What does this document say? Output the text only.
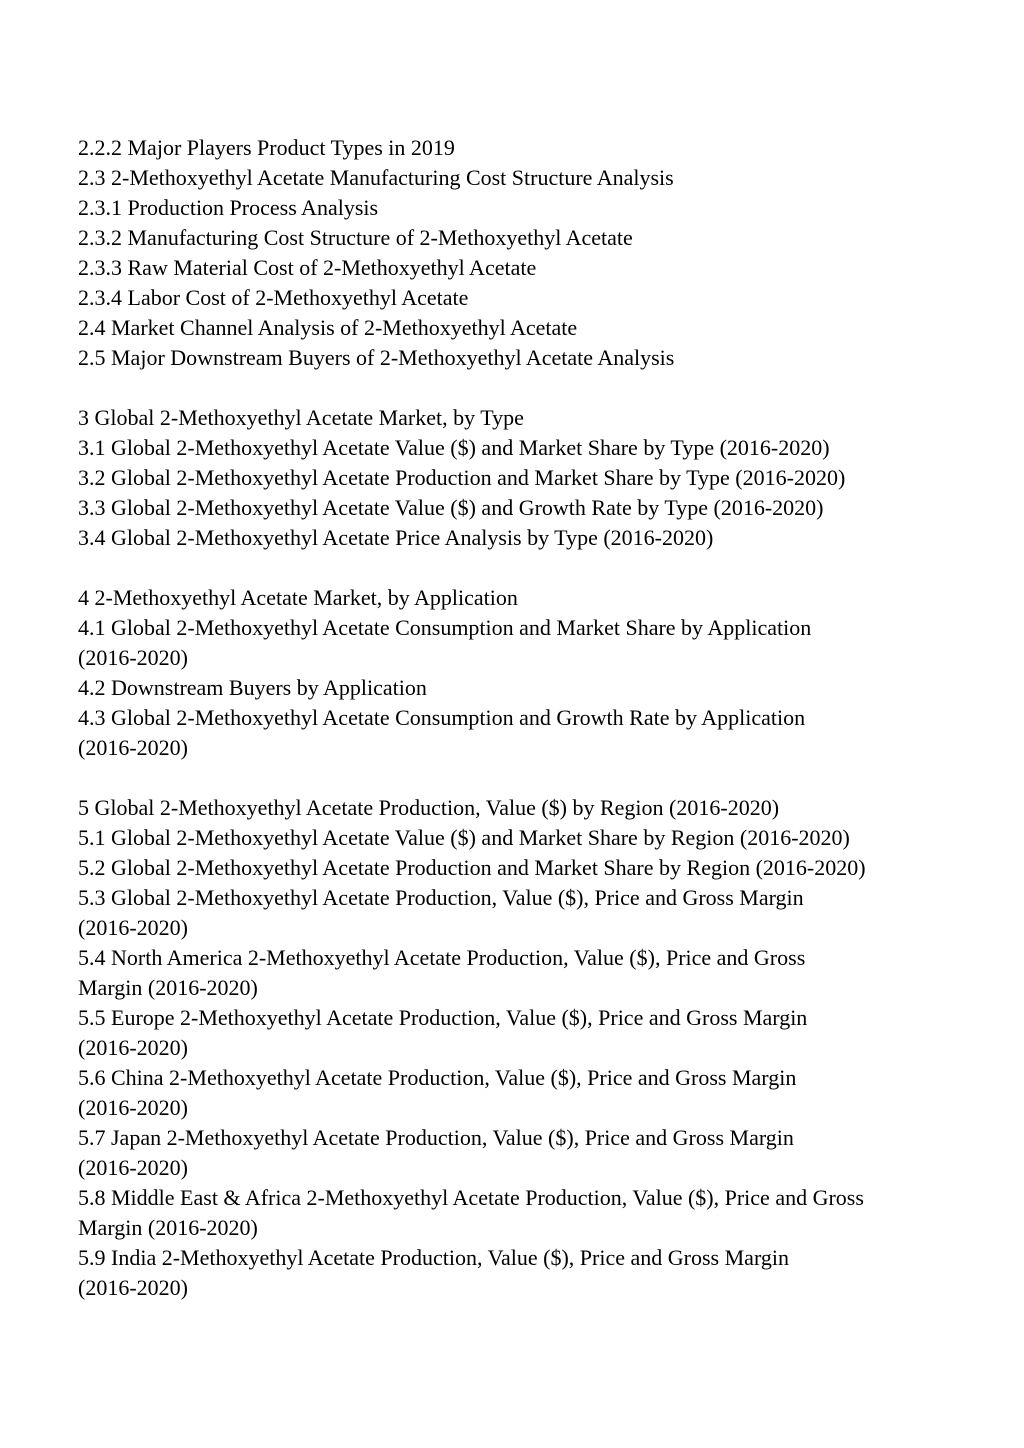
2.2.2 Major Players Product Types in 2019
2.3 2-Methoxyethyl Acetate Manufacturing Cost Structure Analysis
2.3.1 Production Process Analysis
2.3.2 Manufacturing Cost Structure of 2-Methoxyethyl Acetate
2.3.3 Raw Material Cost of 2-Methoxyethyl Acetate
2.3.4 Labor Cost of 2-Methoxyethyl Acetate
2.4 Market Channel Analysis of 2-Methoxyethyl Acetate
2.5 Major Downstream Buyers of 2-Methoxyethyl Acetate Analysis
3 Global 2-Methoxyethyl Acetate Market, by Type
3.1 Global 2-Methoxyethyl Acetate Value ($) and Market Share by Type (2016-2020)
3.2 Global 2-Methoxyethyl Acetate Production and Market Share by Type (2016-2020)
3.3 Global 2-Methoxyethyl Acetate Value ($) and Growth Rate by Type (2016-2020)
3.4 Global 2-Methoxyethyl Acetate Price Analysis by Type (2016-2020)
4 2-Methoxyethyl Acetate Market, by Application
4.1 Global 2-Methoxyethyl Acetate Consumption and Market Share by Application
(2016-2020)
4.2 Downstream Buyers by Application
4.3 Global 2-Methoxyethyl Acetate Consumption and Growth Rate by Application
(2016-2020)
5 Global 2-Methoxyethyl Acetate Production, Value ($) by Region (2016-2020)
5.1 Global 2-Methoxyethyl Acetate Value ($) and Market Share by Region (2016-2020)
5.2 Global 2-Methoxyethyl Acetate Production and Market Share by Region (2016-2020)
5.3 Global 2-Methoxyethyl Acetate Production, Value ($), Price and Gross Margin
(2016-2020)
5.4 North America 2-Methoxyethyl Acetate Production, Value ($), Price and Gross
Margin (2016-2020)
5.5 Europe 2-Methoxyethyl Acetate Production, Value ($), Price and Gross Margin
(2016-2020)
5.6 China 2-Methoxyethyl Acetate Production, Value ($), Price and Gross Margin
(2016-2020)
5.7 Japan 2-Methoxyethyl Acetate Production, Value ($), Price and Gross Margin
(2016-2020)
5.8 Middle East & Africa 2-Methoxyethyl Acetate Production, Value ($), Price and Gross
Margin (2016-2020)
5.9 India 2-Methoxyethyl Acetate Production, Value ($), Price and Gross Margin
(2016-2020)
